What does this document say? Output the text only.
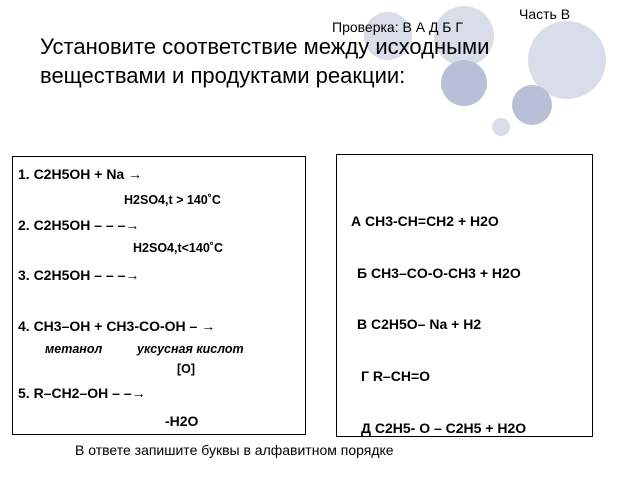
Часть В
Проверка: В А Д Б Г
Установите соответствие между исходными
веществами и продуктами реакции:
1. C2H5OH + Na →
H2SO4,t > 140˚C
2. C2H5OH – – –→
H2SO4,t<140˚C
3. C2H5OH – – –→
4. CH3–OH + CH3-CO-OH – →
метанол	уксусная кислот
[O]
5. R–CH2–OH – –→
-H2O
А CH3-CH=CH2 + H2O
Б CH3–CO-O-CH3 + H2O
В C2H5O– Na + H2
Г R–CH=O
Д C2H5- O – C2H5 + H2O
В ответе запишите буквы в алфавитном порядке
